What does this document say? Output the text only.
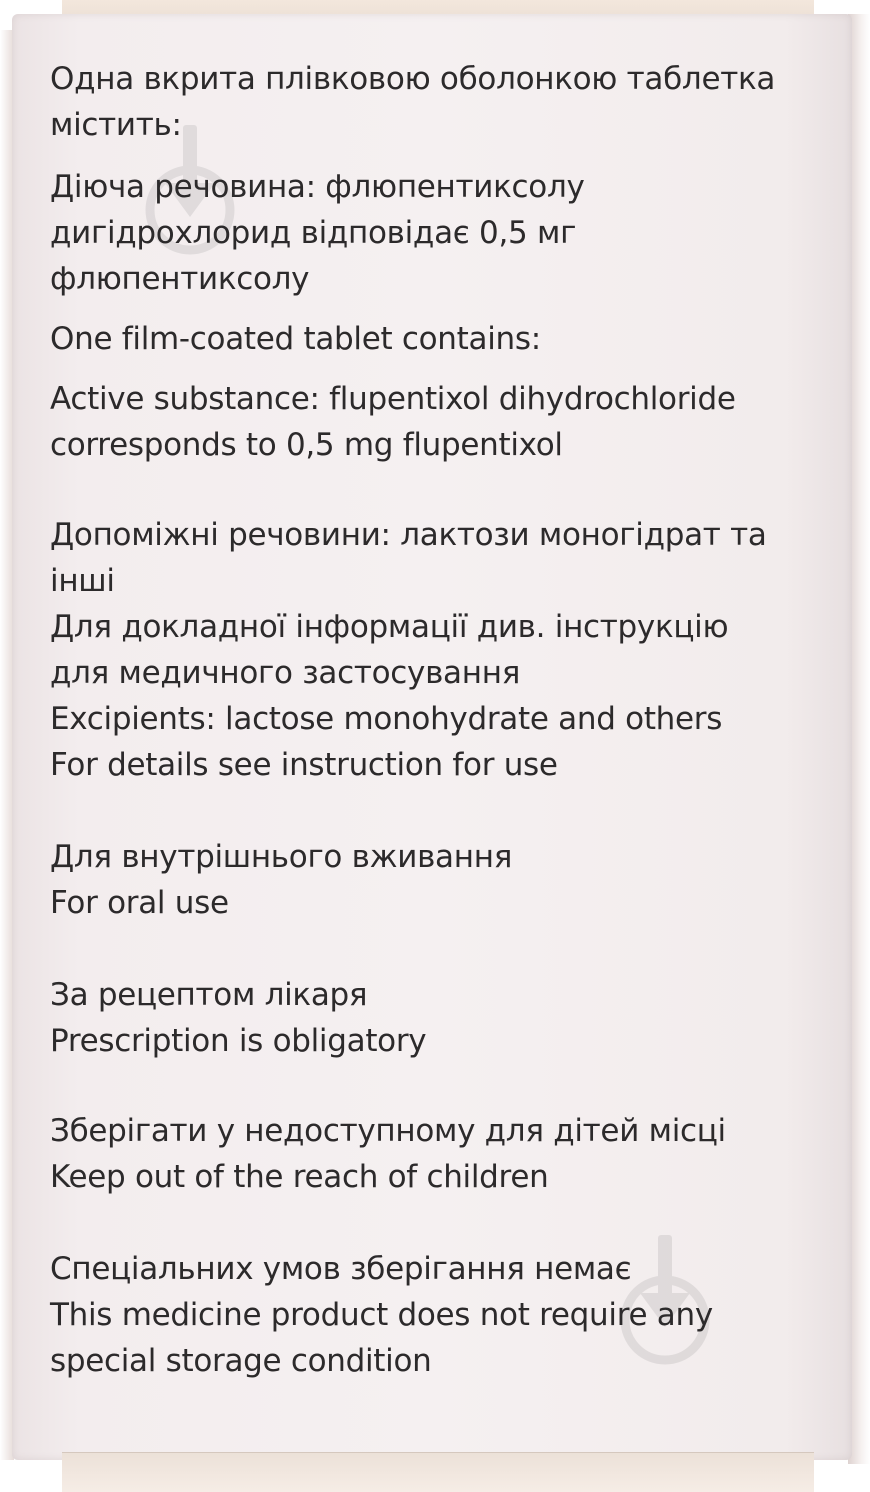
Одна вкрита плівковою оболонкою таблетка
містить:
Діюча речовина: флюпентиксолу
дигідрохлорид відповідає 0,5 мг
флюпентиксолу
One film-coated tablet contains:
Active substance: flupentixol dihydrochloride
corresponds to 0,5 mg flupentixol
Допоміжні речовини: лактози моногідрат та
інші
Для докладної інформації див. інструкцію
для медичного застосування
Excipients: lactose monohydrate and others
For details see instruction for use
Для внутрішнього вживання
For oral use
За рецептом лікаря
Prescription is obligatory
Зберігати у недоступному для дітей місці
Keep out of the reach of children
Спеціальних умов зберігання немає
This medicine product does not require any
special storage condition
